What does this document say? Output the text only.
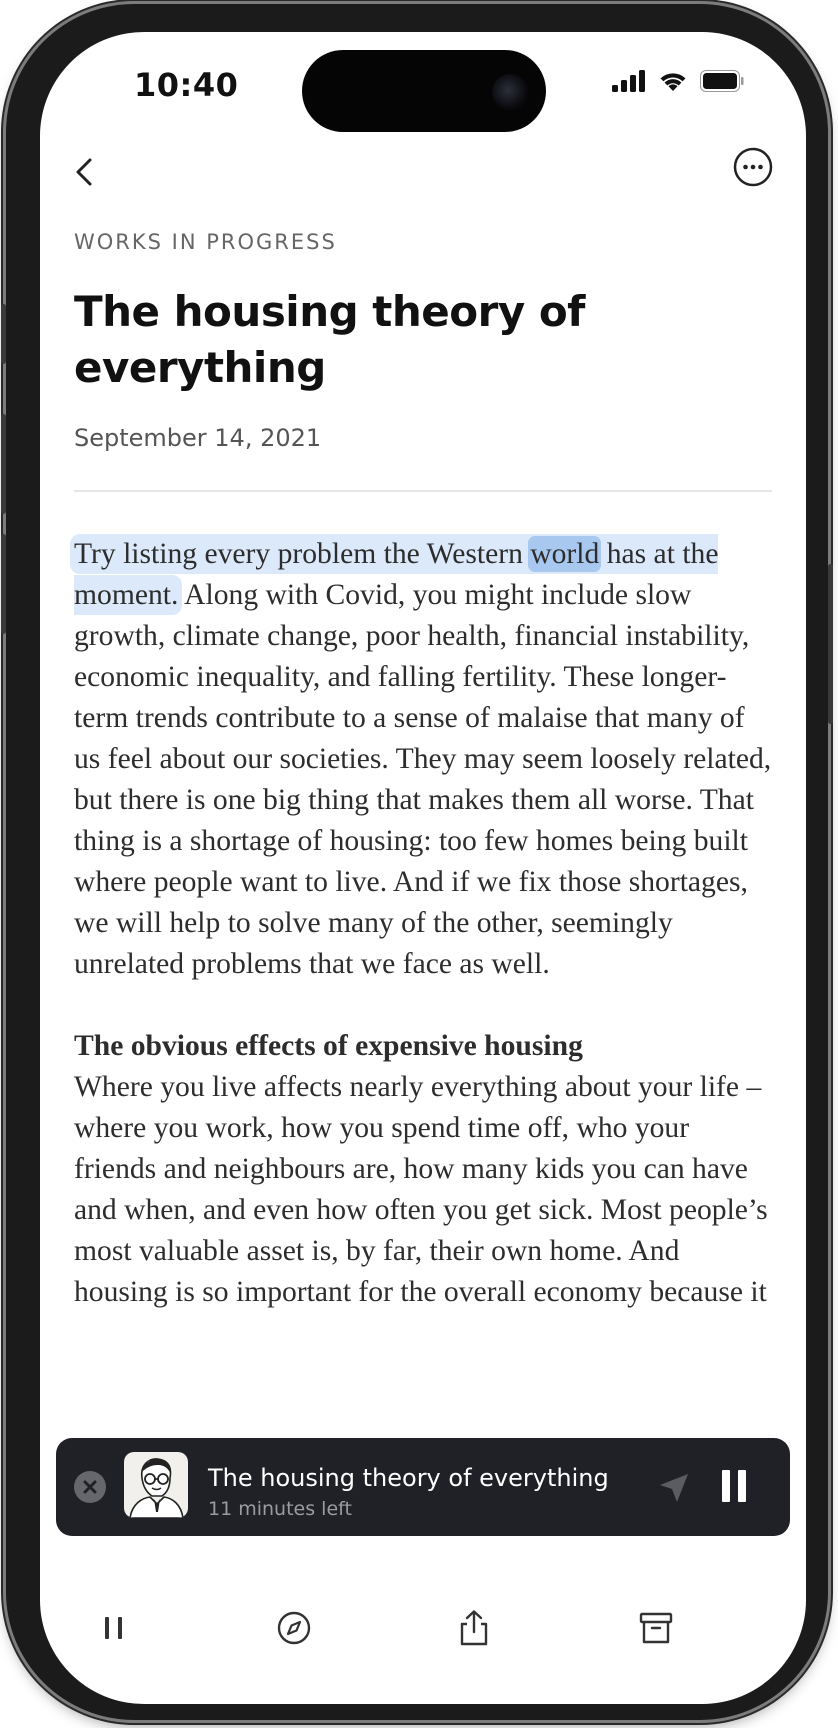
10:40
WORKS IN PROGRESS
The housing theory of everything
September 14, 2021

Try listing every problem the Western world has at the moment. Along with Covid, you might include slow growth, climate change, poor health, financial instability, economic inequality, and falling fertility. These longer-term trends contribute to a sense of malaise that many of us feel about our societies. They may seem loosely related, but there is one big thing that makes them all worse. That thing is a shortage of housing: too few homes being built where people want to live. And if we fix those shortages, we will help to solve many of the other, seemingly unrelated problems that we face as well.

The obvious effects of expensive housing
Where you live affects nearly everything about your life – where you work, how you spend time off, who your friends and neighbours are, how many kids you can have and when, and even how often you get sick. Most people’s most valuable asset is, by far, their own home. And housing is so important for the overall economy because it

The housing theory of everything
11 minutes left
